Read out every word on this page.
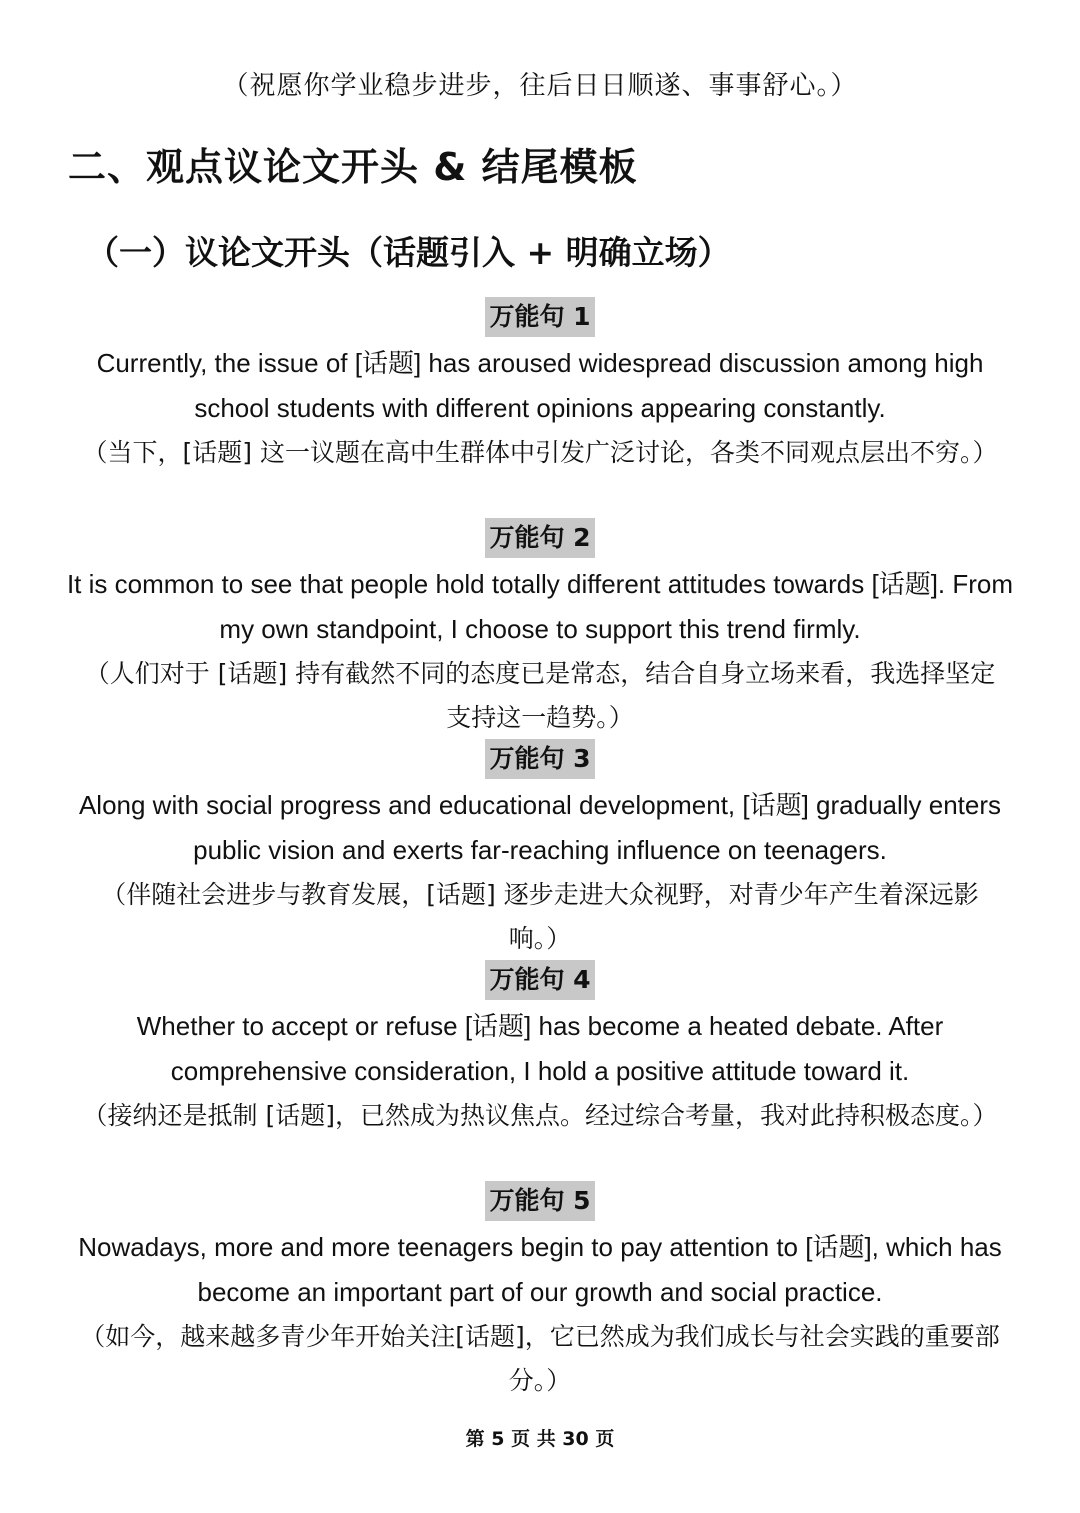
（祝愿你学业稳步进步，往后日日顺遂、事事舒心。）
二、观点议论文开头 & 结尾模板
（一）议论文开头（话题引入 + 明确立场）
万能句 1
Currently, the issue of [话题] has aroused widespread discussion among high school students with different opinions appearing constantly.
（当下，[话题] 这一议题在高中生群体中引发广泛讨论，各类不同观点层出不穷。）
万能句 2
It is common to see that people hold totally different attitudes towards [话题]. From my own standpoint, I choose to support this trend firmly.
（人们对于 [话题] 持有截然不同的态度已是常态，结合自身立场来看，我选择坚定支持这一趋势。）
万能句 3
Along with social progress and educational development, [话题] gradually enters public vision and exerts far-reaching influence on teenagers.
（伴随社会进步与教育发展，[话题] 逐步走进大众视野，对青少年产生着深远影响。）
万能句 4
Whether to accept or refuse [话题] has become a heated debate. After comprehensive consideration, I hold a positive attitude toward it.
（接纳还是抵制 [话题]，已然成为热议焦点。经过综合考量，我对此持积极态度。）
万能句 5
Nowadays, more and more teenagers begin to pay attention to [话题], which has become an important part of our growth and social practice.
（如今，越来越多青少年开始关注[话题]，它已然成为我们成长与社会实践的重要部分。）
第 5 页 共 30 页
